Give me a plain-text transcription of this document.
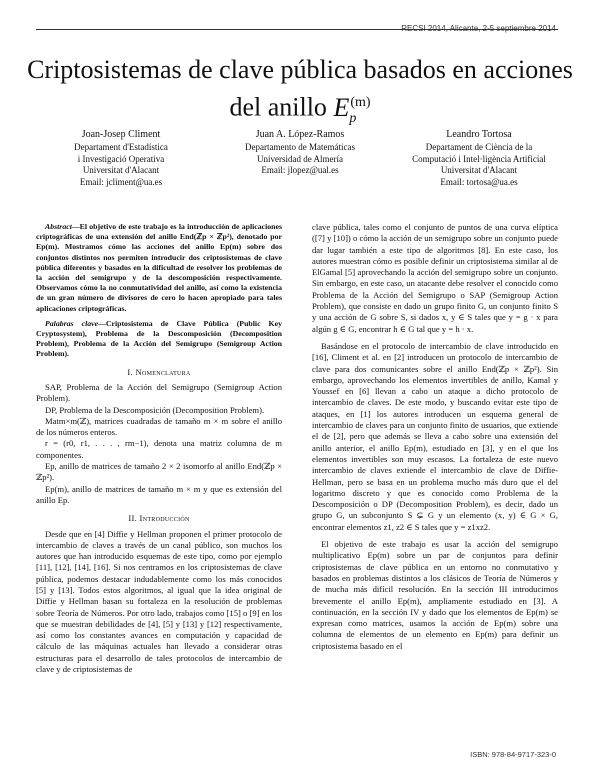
RECSI 2014, Alicante, 2-5 septiembre 2014
Criptosistemas de clave pública basados en acciones
del anillo $E_p^{(m)}$
Joan-Josep Climent
Departament d'Estadística
i Investigació Operativa
Universitat d'Alacant
Email: jcliment@ua.es
Juan A. López-Ramos
Departamento de Matemáticas
Universidad de Almería
Email: jlopez@ual.es
Leandro Tortosa
Departament de Ciència de la
Computació i Intel·ligència Artificial
Universitat d'Alacant
Email: tortosa@ua.es

Abstract—El objetivo de este trabajo es la introducción de aplicaciones criptográficas de una extensión del anillo End(ℤp × ℤp²), denotado por Ep(m). Mostramos cómo las acciones del anillo Ep(m) sobre dos conjuntos distintos nos permiten introducir dos criptosistemas de clave pública diferentes y basados en la dificultad de resolver los problemas de la acción del semigrupo y de la descomposición respectivamente. Observamos cómo la no conmutatividad del anillo, así como la existencia de un gran número de divisores de cero lo hacen apropiado para tales aplicaciones criptográficas.

Palabras clave—Criptosistema de Clave Pública (Public Key Cryptosystem), Problema de la Descomposición (Decomposition Problem), Problema de la Acción del Semigrupo (Semigroup Action Problem).

I. Nomenclatura

SAP, Problema de la Acción del Semigrupo (Semigroup Action Problem).

DP, Problema de la Descomposición (Decomposition Problem).

Matm×m(ℤ), matrices cuadradas de tamaño m × m sobre el anillo de los números enteros.

r = (r0, r1, . . . , rm−1), denota una matriz columna de m componentes.

Ep, anillo de matrices de tamaño 2 × 2 isomorfo al anillo End(ℤp × ℤp²).

Ep(m), anillo de matrices de tamaño m × m y que es extensión del anillo Ep.

II. Introducción

Desde que en [4] Diffie y Hellman proponen el primer protocolo de intercambio de claves a través de un canal público, son muchos los autores que han introducido esquemas de este tipo, como por ejemplo [11], [12], [14], [16]. Si nos centramos en los criptosistemas de clave pública, podemos destacar indudablemente como los más conocidos [5] y [13]. Todos estos algoritmos, al igual que la idea original de Diffie y Hellman basan su fortaleza en la resolución de problemas sobre Teoría de Números. Por otro lado, trabajos como [15] o [9] en los que se muestran debilidades de [4], [5] y [13] y [12] respectivamente, así como los constantes avances en computación y capacidad de cálculo de las máquinas actuales han llevado a considerar otras estructuras para el desarrollo de tales protocolos de intercambio de clave y de criptosistemas de

clave pública, tales como el conjunto de puntos de una curva elíptica ([7] y [10]) o cómo la acción de un semigrupo sobre un conjunto puede dar lugar también a este tipo de algoritmos [8]. En este caso, los autores muestran cómo es posible definir un criptosistema similar al de ElGamal [5] aprovechando la acción del semigrupo sobre un conjunto. Sin embargo, en este caso, un atacante debe resolver el conocido como Problema de la Acción del Semigrupo o SAP (Semigroup Action Problem), que consiste en dado un grupo finito G, un conjunto finito S y una acción de G sobre S, si dados x, y ∈ S tales que y = g · x para algún g ∈ G, encontrar h ∈ G tal que y = h · x.

Basándose en el protocolo de intercambio de clave introducido en [16], Climent et al. en [2] introducen un protocolo de intercambio de clave para dos comunicantes sobre el anillo End(ℤp × ℤp²). Sin embargo, aprovechando los elementos invertibles de anillo, Kamal y Youssef en [6] llevan a cabo un ataque a dicho protocolo de intercambio de claves. De este modo, y buscando evitar este tipo de ataques, en [1] los autores introducen un esquema general de intercambio de claves para un conjunto finito de usuarios, que extiende el de [2], pero que además se lleva a cabo sobre una extensión del anillo anterior, el anillo Ep(m), estudiado en [3], y en el que los elementos invertibles son muy escasos. La fortaleza de este nuevo intercambio de claves extiende el intercambio de clave de Diffie-Hellman, pero se basa en un problema mucho más duro que el del logaritmo discreto y que es conocido como Problema de la Descomposición o DP (Decomposition Problem), es decir, dado un grupo G, un subconjunto S ⊊ G y un elemento (x, y) ∈ G × G, encontrar elementos z1, z2 ∈ S tales que y = z1xz2.

El objetivo de este trabajo es usar la acción del semigrupo multiplicativo Ep(m) sobre un par de conjuntos para definir criptosistemas de clave pública en un entorno no conmutativo y basados en problemas distintos a los clásicos de Teoría de Números y de mucha más difícil resolución. En la sección III introducimos brevemente el anillo Ep(m), ampliamente estudiado en [3]. A continuación, en la sección IV y dado que los elementos de Ep(m) se expresan como matrices, usamos la acción de Ep(m) sobre una columna de elementos de un elemento en Ep(m) para definir un criptosistema basado en el

ISBN: 978-84-9717-323-0
